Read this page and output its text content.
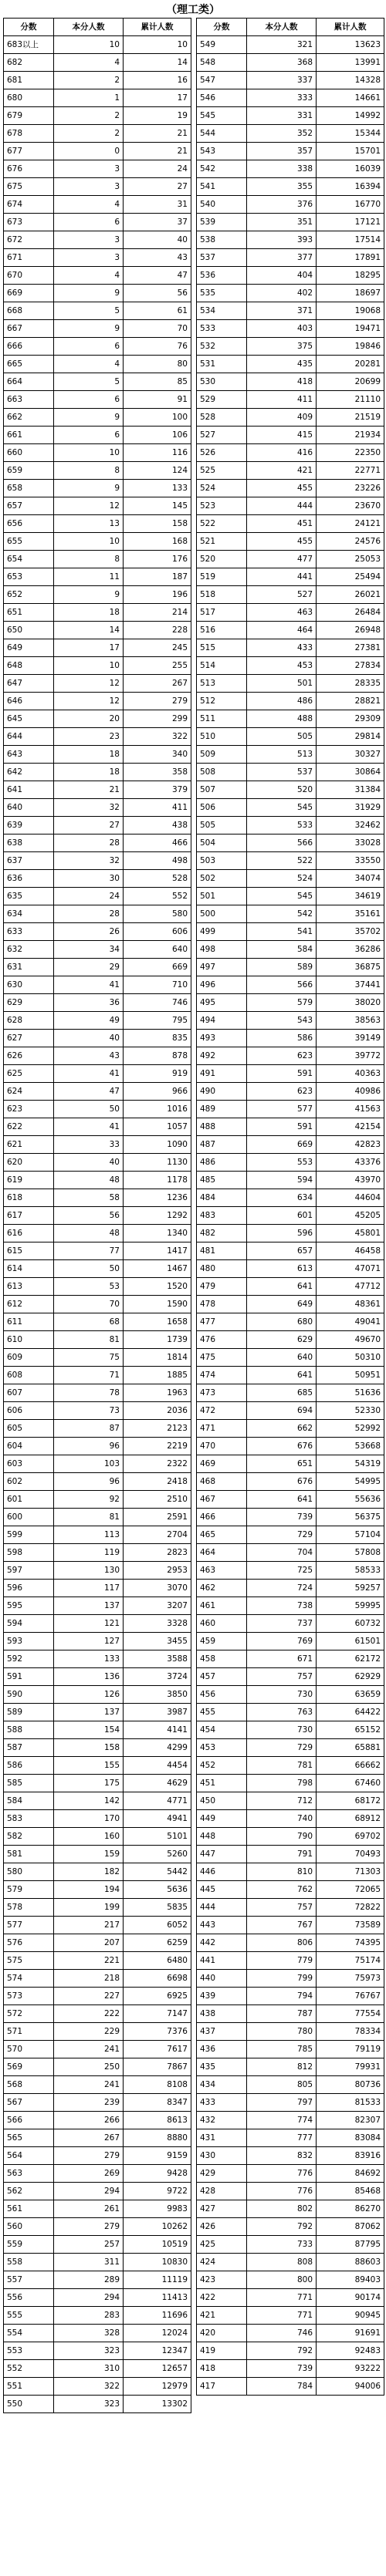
（理工类）
分数	本分人数	累计人数
683以上	10	10
682	4	14
681	2	16
680	1	17
679	2	19
678	2	21
677	0	21
676	3	24
675	3	27
674	4	31
673	6	37
672	3	40
671	3	43
670	4	47
669	9	56
668	5	61
667	9	70
666	6	76
665	4	80
664	5	85
663	6	91
662	9	100
661	6	106
660	10	116
659	8	124
658	9	133
657	12	145
656	13	158
655	10	168
654	8	176
653	11	187
652	9	196
651	18	214
650	14	228
649	17	245
648	10	255
647	12	267
646	12	279
645	20	299
644	23	322
643	18	340
642	18	358
641	21	379
640	32	411
639	27	438
638	28	466
637	32	498
636	30	528
635	24	552
634	28	580
633	26	606
632	34	640
631	29	669
630	41	710
629	36	746
628	49	795
627	40	835
626	43	878
625	41	919
624	47	966
623	50	1016
622	41	1057
621	33	1090
620	40	1130
619	48	1178
618	58	1236
617	56	1292
616	48	1340
615	77	1417
614	50	1467
613	53	1520
612	70	1590
611	68	1658
610	81	1739
609	75	1814
608	71	1885
607	78	1963
606	73	2036
605	87	2123
604	96	2219
603	103	2322
602	96	2418
601	92	2510
600	81	2591
599	113	2704
598	119	2823
597	130	2953
596	117	3070
595	137	3207
594	121	3328
593	127	3455
592	133	3588
591	136	3724
590	126	3850
589	137	3987
588	154	4141
587	158	4299
586	155	4454
585	175	4629
584	142	4771
583	170	4941
582	160	5101
581	159	5260
580	182	5442
579	194	5636
578	199	5835
577	217	6052
576	207	6259
575	221	6480
574	218	6698
573	227	6925
572	222	7147
571	229	7376
570	241	7617
569	250	7867
568	241	8108
567	239	8347
566	266	8613
565	267	8880
564	279	9159
563	269	9428
562	294	9722
561	261	9983
560	279	10262
559	257	10519
558	311	10830
557	289	11119
556	294	11413
555	283	11696
554	328	12024
553	323	12347
552	310	12657
551	322	12979
550	323	13302
分数	本分人数	累计人数
549	321	13623
548	368	13991
547	337	14328
546	333	14661
545	331	14992
544	352	15344
543	357	15701
542	338	16039
541	355	16394
540	376	16770
539	351	17121
538	393	17514
537	377	17891
536	404	18295
535	402	18697
534	371	19068
533	403	19471
532	375	19846
531	435	20281
530	418	20699
529	411	21110
528	409	21519
527	415	21934
526	416	22350
525	421	22771
524	455	23226
523	444	23670
522	451	24121
521	455	24576
520	477	25053
519	441	25494
518	527	26021
517	463	26484
516	464	26948
515	433	27381
514	453	27834
513	501	28335
512	486	28821
511	488	29309
510	505	29814
509	513	30327
508	537	30864
507	520	31384
506	545	31929
505	533	32462
504	566	33028
503	522	33550
502	524	34074
501	545	34619
500	542	35161
499	541	35702
498	584	36286
497	589	36875
496	566	37441
495	579	38020
494	543	38563
493	586	39149
492	623	39772
491	591	40363
490	623	40986
489	577	41563
488	591	42154
487	669	42823
486	553	43376
485	594	43970
484	634	44604
483	601	45205
482	596	45801
481	657	46458
480	613	47071
479	641	47712
478	649	48361
477	680	49041
476	629	49670
475	640	50310
474	641	50951
473	685	51636
472	694	52330
471	662	52992
470	676	53668
469	651	54319
468	676	54995
467	641	55636
466	739	56375
465	729	57104
464	704	57808
463	725	58533
462	724	59257
461	738	59995
460	737	60732
459	769	61501
458	671	62172
457	757	62929
456	730	63659
455	763	64422
454	730	65152
453	729	65881
452	781	66662
451	798	67460
450	712	68172
449	740	68912
448	790	69702
447	791	70493
446	810	71303
445	762	72065
444	757	72822
443	767	73589
442	806	74395
441	779	75174
440	799	75973
439	794	76767
438	787	77554
437	780	78334
436	785	79119
435	812	79931
434	805	80736
433	797	81533
432	774	82307
431	777	83084
430	832	83916
429	776	84692
428	776	85468
427	802	86270
426	792	87062
425	733	87795
424	808	88603
423	800	89403
422	771	90174
421	771	90945
420	746	91691
419	792	92483
418	739	93222
417	784	94006
